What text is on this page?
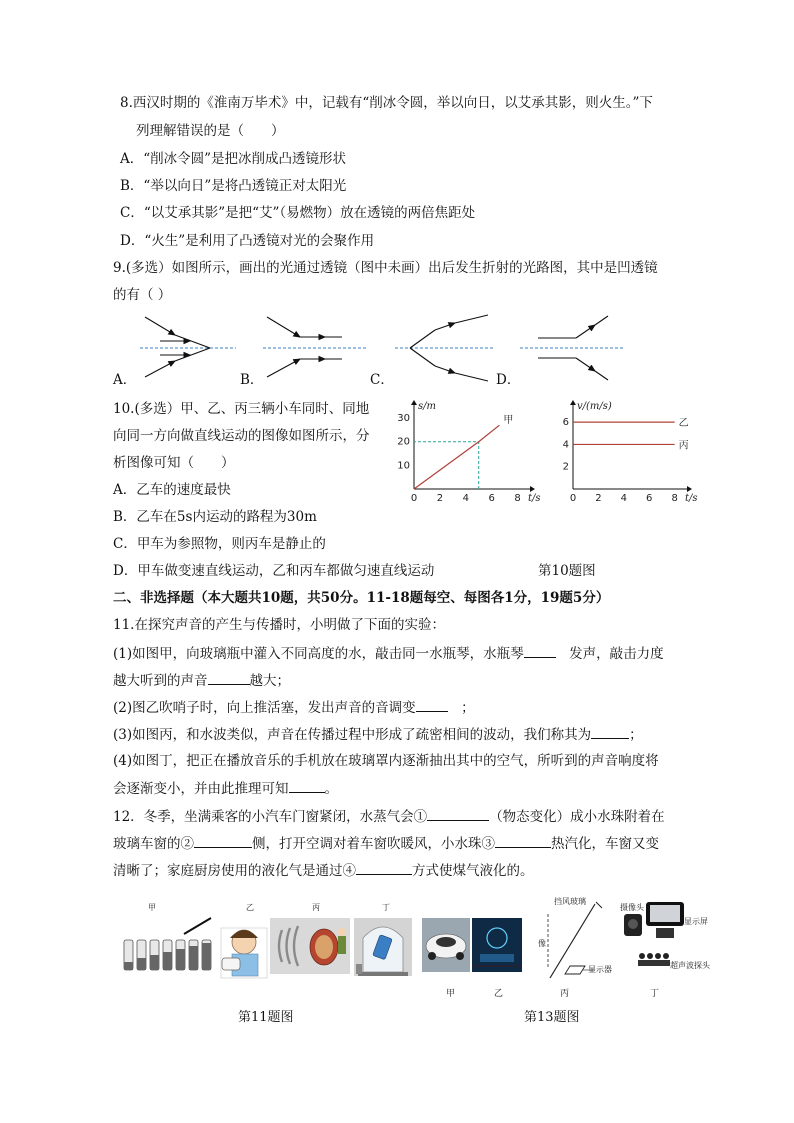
8.西汉时期的《淮南万毕术》中，记载有“削冰令圆，举以向日，以艾承其影，则火生。”下
列理解错误的是（　　）
A．“削冰令圆”是把冰削成凸透镜形状
B．“举以向日”是将凸透镜正对太阳光
C．“以艾承其影”是把“艾”（易燃物）放在透镜的两倍焦距处
D．“火生”是利用了凸透镜对光的会聚作用
9.(多选）如图所示，画出的光通过透镜（图中未画）出后发生折射的光路图，其中是凹透镜
的有（ ）
A．	B．	C．	D．
10.(多选）甲、乙、丙三辆小车同时、同地
向同一方向做直线运动的图像如图所示，分
析图像可知（　　）
A．乙车的速度最快
B．乙车在5s内运动的路程为30m
C．甲车为参照物，则丙车是静止的
D．甲车做变速直线运动，乙和丙车都做匀速直线运动	第10题图
0 2 4 6 8
10
20
30
t/s
s/m
甲
0 2 4 6 8
2
4
6
t/s
v/(m/s)
乙
丙
二、非选择题（本大题共10题，共50分。11-18题每空、每图各1分，19题5分）
11.在探究声音的产生与传播时，小明做了下面的实验：
(1)如图甲，向玻璃瓶中灌入不同高度的水，敲击同一水瓶琴，水瓶琴　	发声，敲击力度
越大听到的声音	越大；
(2)图乙吹哨子时，向上推活塞，发出声音的音调变　	；
(3)如图丙，和水波类似，声音在传播过程中形成了疏密相间的波动，我们称其为	；
(4)如图丁，把正在播放音乐的手机放在玻璃罩内逐渐抽出其中的空气，所听到的声音响度将
会逐渐变小，并由此推理可知	。
12．冬季，坐满乘客的小汽车门窗紧闭，水蒸气会①	（物态变化）成小水珠附着在
玻璃车窗的②	侧，打开空调对着车窗吹暖风，小水珠③	热汽化，车窗又变
清晰了；家庭厨房使用的液化气是通过④	方式使煤气液化的。
甲	乙	丙	丁
第11题图
挡风玻璃
像
显示器
摄像头
显示屏
超声波探头
甲	乙	丙	丁
第13题图
